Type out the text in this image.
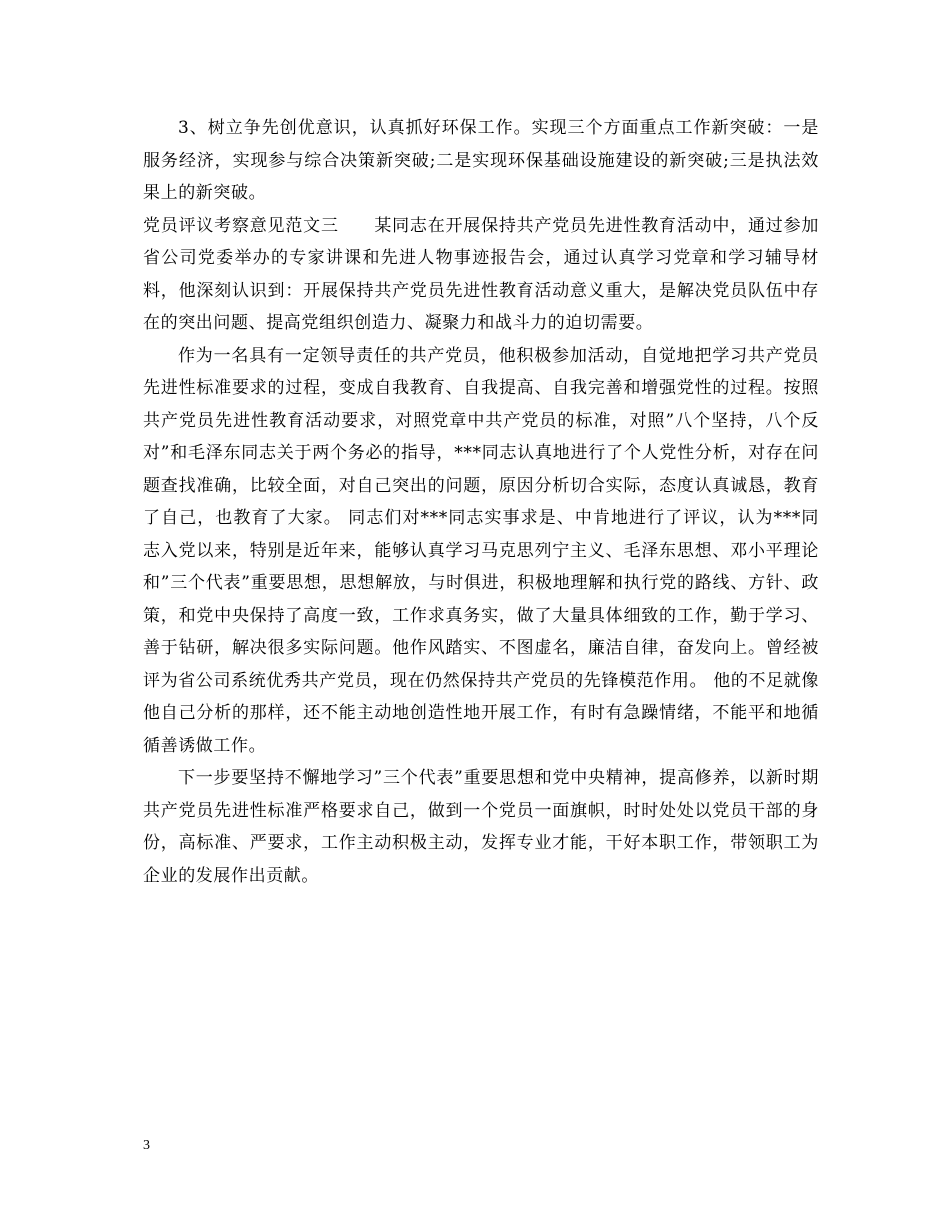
3、树立争先创优意识，认真抓好环保工作。实现三个方面重点工作新突破：一是服务经济，实现参与综合决策新突破;二是实现环保基础设施建设的新突破;三是执法效果上的新突破。

党员评议考察意见范文三　　某同志在开展保持共产党员先进性教育活动中，通过参加省公司党委举办的专家讲课和先进人物事迹报告会，通过认真学习党章和学习辅导材料，他深刻认识到：开展保持共产党员先进性教育活动意义重大，是解决党员队伍中存在的突出问题、提高党组织创造力、凝聚力和战斗力的迫切需要。

作为一名具有一定领导责任的共产党员，他积极参加活动，自觉地把学习共产党员先进性标准要求的过程，变成自我教育、自我提高、自我完善和增强党性的过程。按照共产党员先进性教育活动要求，对照党章中共产党员的标准，对照”八个坚持，八个反对”和毛泽东同志关于两个务必的指导，***同志认真地进行了个人党性分析，对存在问题查找准确，比较全面，对自己突出的问题，原因分析切合实际，态度认真诚恳，教育了自己，也教育了大家。 同志们对***同志实事求是、中肯地进行了评议，认为***同志入党以来，特别是近年来，能够认真学习马克思列宁主义、毛泽东思想、邓小平理论和”三个代表”重要思想，思想解放，与时俱进，积极地理解和执行党的路线、方针、政策，和党中央保持了高度一致，工作求真务实，做了大量具体细致的工作，勤于学习、善于钻研，解决很多实际问题。他作风踏实、不图虚名，廉洁自律，奋发向上。曾经被评为省公司系统优秀共产党员，现在仍然保持共产党员的先锋模范作用。 他的不足就像他自己分析的那样，还不能主动地创造性地开展工作，有时有急躁情绪，不能平和地循循善诱做工作。

下一步要坚持不懈地学习”三个代表”重要思想和党中央精神，提高修养，以新时期共产党员先进性标准严格要求自己，做到一个党员一面旗帜，时时处处以党员干部的身份，高标准、严要求，工作主动积极主动，发挥专业才能，干好本职工作，带领职工为企业的发展作出贡献。

3
